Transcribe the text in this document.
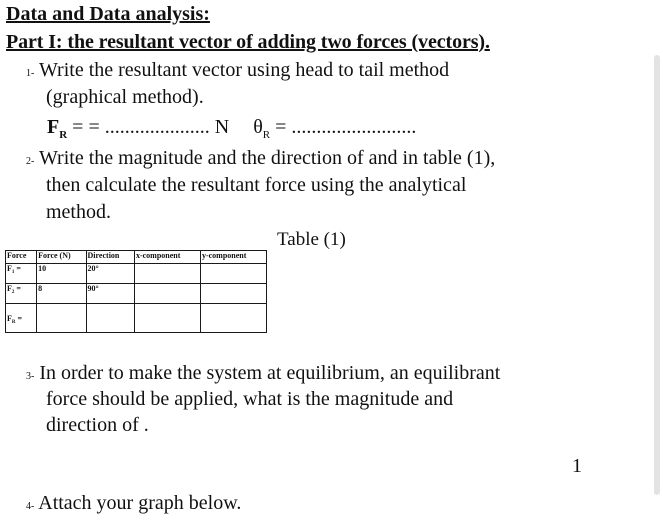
Data and Data analysis:
Part I: the resultant vector of adding two forces (vectors).
1- Write the resultant vector using head to tail method
(graphical method).
$F_R$ = = ..................... N $\theta_R$ = .........................
2- Write the magnitude and the direction of and in table (1),
then calculate the resultant force using the analytical
method.
Table (1)
Force	Force (N)	Direction	x-component	y-component
$F_1$ =	10	20°		
$F_2$ =	8	90°		
$F_R$ =				
3- In order to make the system at equilibrium, an equilibrant
force should be applied, what is the magnitude and
direction of .
1
4- Attach your graph below.
